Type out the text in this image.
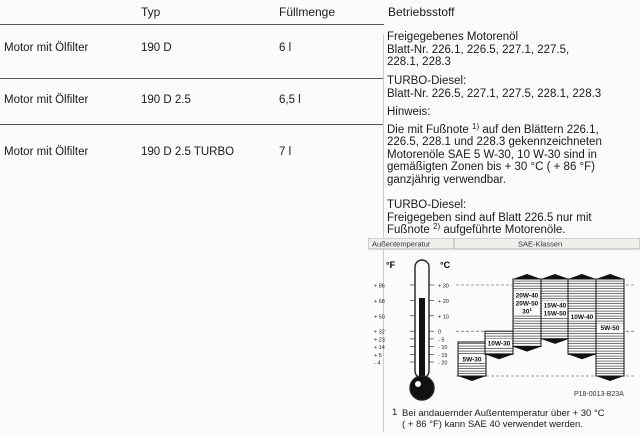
Typ	Füllmenge	Betriebsstoff
Motor mit Ölfilter	190 D	6 l
Motor mit Ölfilter	190 D 2.5	6,5 l
Motor mit Ölfilter	190 D 2.5 TURBO	7 l
Freigegebenes Motorenöl
Blatt-Nr. 226.1, 226.5, 227.1, 227.5,
228.1, 228.3
TURBO-Diesel:
Blatt-Nr. 226.5, 227.1, 227.5, 228.1, 228.3
Hinweis:
Die mit Fußnote $^{1)}$ auf den Blättern 226.1,
226.5, 228.1 und 228.3 gekennzeichneten
Motorenöle SAE 5 W-30, 10 W-30 sind in
gemäßigten Zonen bis + 30 °C ( + 86 °F)
ganzjährig verwendbar.
TURBO-Diesel:
Freigegeben sind auf Blatt 226.5 nur mit
Fußnote $^{2)}$ aufgeführte Motorenöle.
Außentemperatur	SAE-Klassen
°F	°C
+ 86
+ 68
+ 50
+ 32
+ 23
+ 14
+ 5
- 4
+ 30
+ 20
+ 10
0
- 5
- 10
- 15
- 20
5W-30
10W-30
20W-40
20W-50
$30^1$ 15W-40
15W-50
10W-40
5W-50
P18-0013-B23A
1 Bei andauernder Außentemperatur über + 30 °C
( + 86 °F) kann SAE 40 verwendet werden.
